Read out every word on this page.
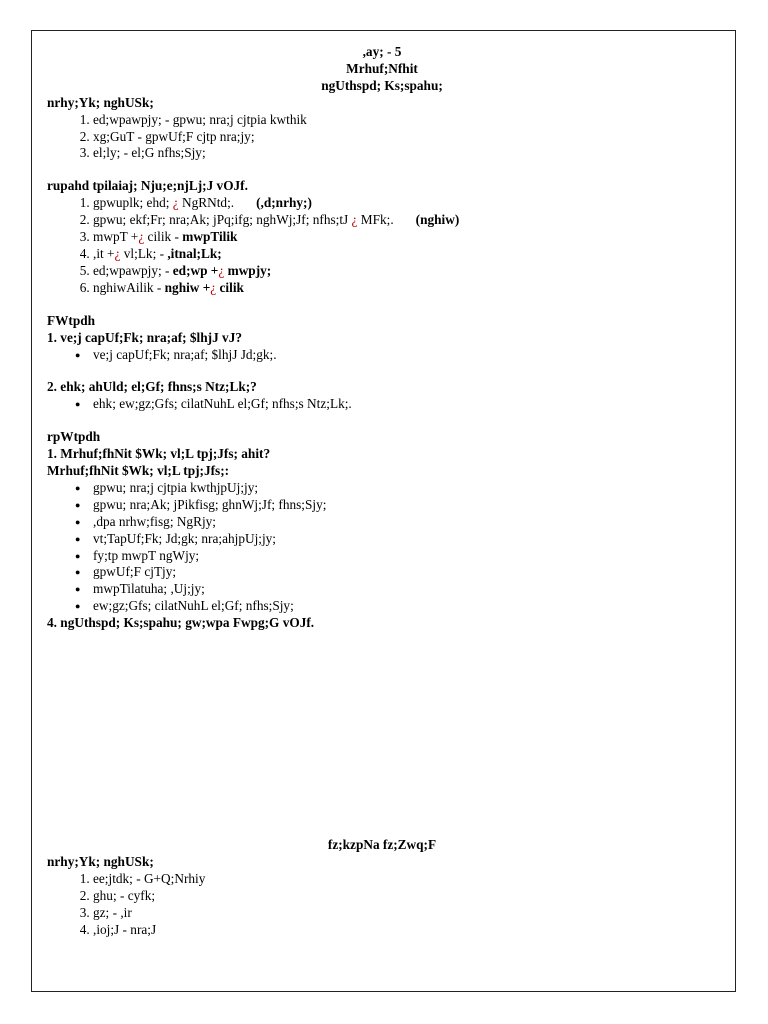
,ay; - 5
Mrhuf;Nfhit
ngUthspd; Ks;spahu;
nrhy;Yk; nghUSk;
1. ed;wpawpjy; - gpwu; nra;j cjtpia kwthik
2. xg;GuT - gpwUf;F cjtp nra;jy;
3. el;ly; - el;G nfhs;Sjy;
rupahd tpilaiaj; Nju;e;njLj;J vOJf.
1. gpwuplk; ehd; ¿ NgRNtd;. (,d;nrhy;)
2. gpwu; ekf;Fr; nra;Ak; jPq;ifg; nghWj;Jf; nfhs;tJ ¿ MFk;. (nghiw)
3. mwpT +¿ cilik - mwpTilik
4. ,it +¿ vl;Lk; - ,itnal;Lk;
5. ed;wpawpjy; - ed;wp +¿ mwpjy;
6. nghiwAilik - nghiw +¿ cilik
FWtpdh
1. ve;j capUf;Fk; nra;af; $lhjJ vJ?
● ve;j capUf;Fk; nra;af; $lhjJ Jd;gk;.
2. ehk; ahUld; el;Gf; fhns;s Ntz;Lk;?
● ehk; ew;gz;Gfs; cilatNuhL el;Gf; nfhs;s Ntz;Lk;.
rpWtpdh
1. Mrhuf;fhNit $Wk; vl;L tpj;Jfs; ahit?
Mrhuf;fhNit $Wk; vl;L tpj;Jfs;:
● gpwu; nra;j cjtpia kwthjpUj;jy;
● gpwu; nra;Ak; jPikfisg; ghnWj;Jf; fhns;Sjy;
● ,dpa nrhw;fisg; NgRjy;
● vt;TapUf;Fk; Jd;gk; nra;ahjpUj;jy;
● fy;tp mwpT ngWjy;
● gpwUf;F cjTjy;
● mwpTilatuha; ,Uj;jy;
● ew;gz;Gfs; cilatNuhL el;Gf; nfhs;Sjy;
4. ngUthspd; Ks;spahu; gw;wpa Fwpg;G vOJf.
fz;kzpNa fz;Zwq;F
nrhy;Yk; nghUSk;
1. ee;jtdk; - G+Q;Nrhiy
2. ghu; - cyfk;
3. gz; - ,ir
4. ,ioj;J - nra;J
